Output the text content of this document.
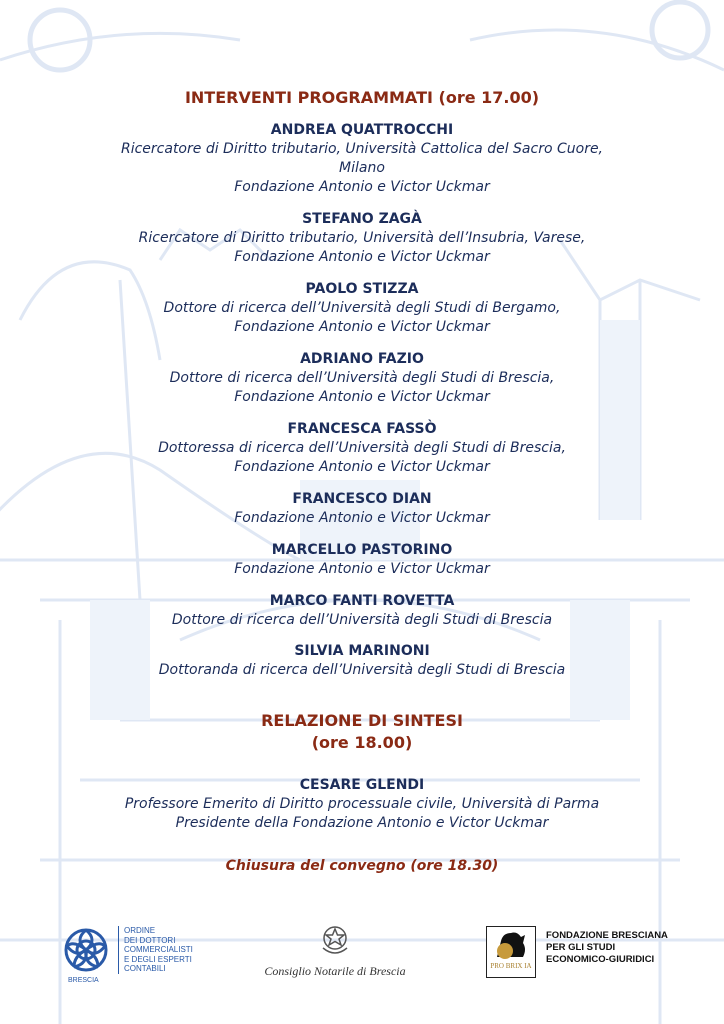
INTERVENTI PROGRAMMATI (ore 17.00)
ANDREA QUATTROCCHI
Ricercatore di Diritto tributario, Università Cattolica del Sacro Cuore,
Milano
Fondazione Antonio e Victor Uckmar
STEFANO ZAGÀ
Ricercatore di Diritto tributario, Università dell’Insubria, Varese,
Fondazione Antonio e Victor Uckmar
PAOLO STIZZA
Dottore di ricerca dell’Università degli Studi di Bergamo,
Fondazione Antonio e Victor Uckmar
ADRIANO FAZIO
Dottore di ricerca dell’Università degli Studi di Brescia,
Fondazione Antonio e Victor Uckmar
FRANCESCA FASSÒ
Dottoressa di ricerca dell’Università degli Studi di Brescia,
Fondazione Antonio e Victor Uckmar
FRANCESCO DIAN
Fondazione Antonio e Victor Uckmar
MARCELLO PASTORINO
Fondazione Antonio e Victor Uckmar
MARCO FANTI ROVETTA
Dottore di ricerca dell’Università degli Studi di Brescia
SILVIA MARINONI
Dottoranda di ricerca dell’Università degli Studi di Brescia
RELAZIONE DI SINTESI
(ore 18.00)
CESARE GLENDI
Professore Emerito di Diritto processuale civile, Università di Parma
Presidente della Fondazione Antonio e Victor Uckmar
Chiusura del convegno (ore 18.30)
BRESCIA
ORDINE
DEI DOTTORI
COMMERCIALISTI
E DEGLI ESPERTI
CONTABILI	Consiglio Notarile di Brescia	PRO BRIX IA
FONDAZIONE BRESCIANA
PER GLI STUDI
ECONOMICO-GIURIDICI
